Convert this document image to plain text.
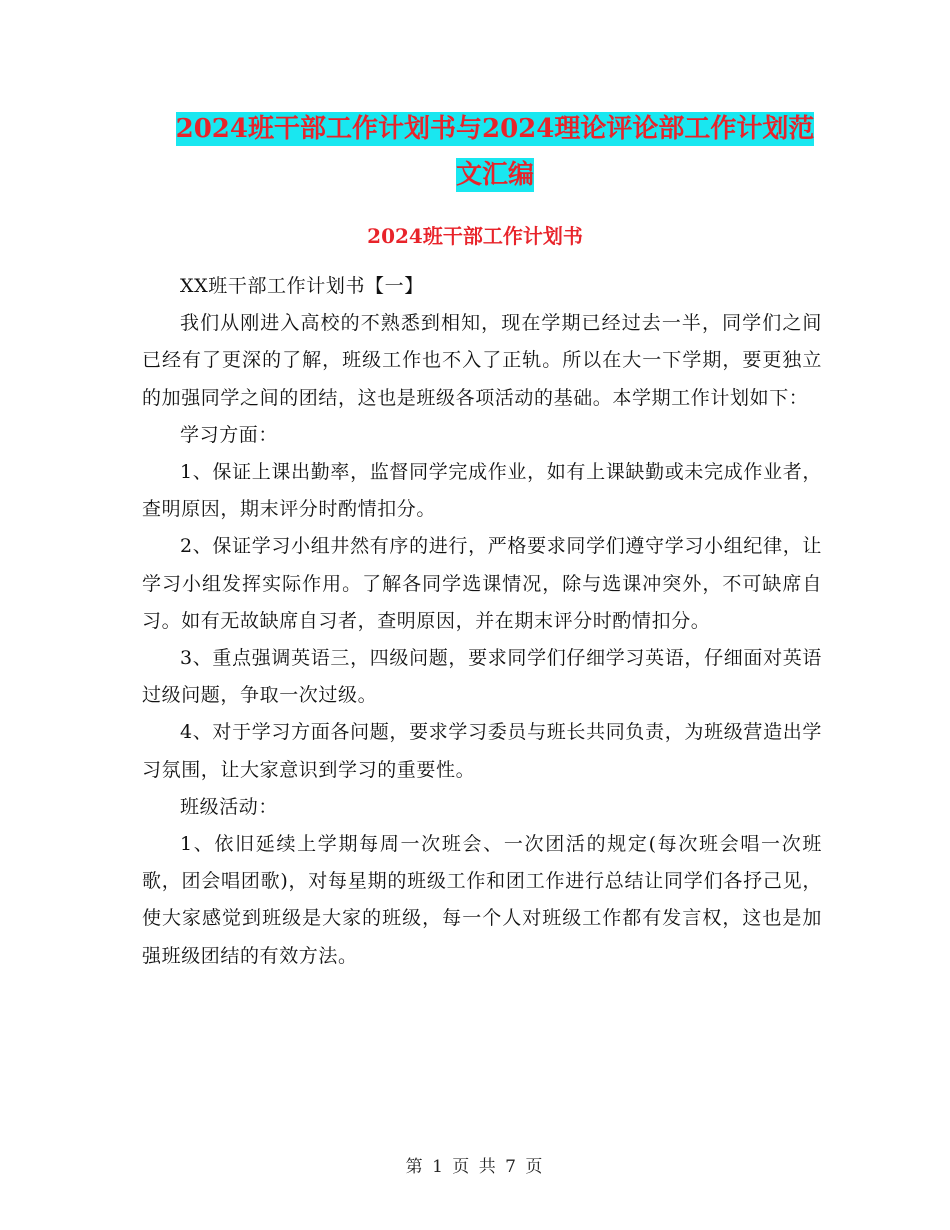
2024班干部工作计划书与2024理论评论部工作计划范
文汇编
2024班干部工作计划书

XX班干部工作计划书【一】

我们从刚进入高校的不熟悉到相知，现在学期已经过去一半，同学们之间已经有了更深的了解，班级工作也不入了正轨。所以在大一下学期，要更独立的加强同学之间的团结，这也是班级各项活动的基础。本学期工作计划如下：

学习方面：

1、保证上课出勤率，监督同学完成作业，如有上课缺勤或未完成作业者，查明原因，期末评分时酌情扣分。

2、保证学习小组井然有序的进行，严格要求同学们遵守学习小组纪律，让学习小组发挥实际作用。了解各同学选课情况，除与选课冲突外，不可缺席自习。如有无故缺席自习者，查明原因，并在期末评分时酌情扣分。

3、重点强调英语三，四级问题，要求同学们仔细学习英语，仔细面对英语过级问题，争取一次过级。

4、对于学习方面各问题，要求学习委员与班长共同负责，为班级营造出学习氛围，让大家意识到学习的重要性。

班级活动：

1、依旧延续上学期每周一次班会、一次团活的规定(每次班会唱一次班歌，团会唱团歌)，对每星期的班级工作和团工作进行总结让同学们各抒己见，使大家感觉到班级是大家的班级，每一个人对班级工作都有发言权，这也是加强班级团结的有效方法。

第 1 页 共 7 页
